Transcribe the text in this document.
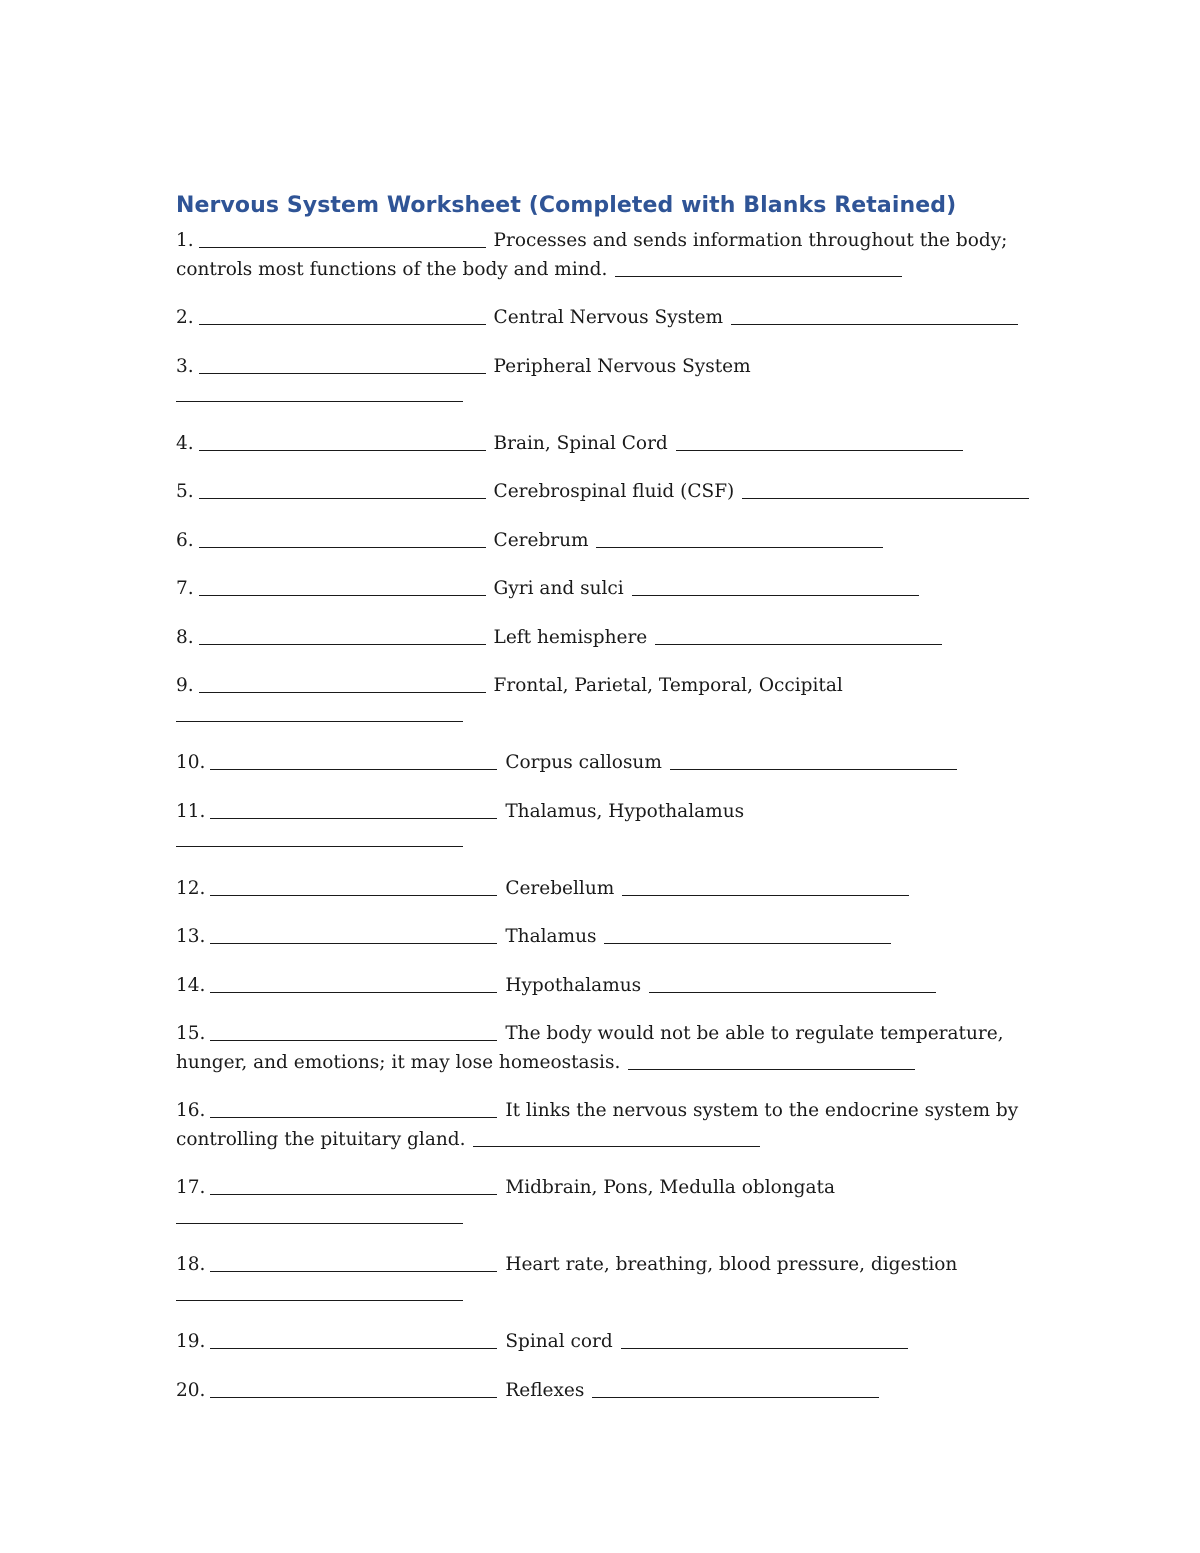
Nervous System Worksheet (Completed with Blanks Retained)
1.	Processes and sends information throughout the body; controls most functions of the body and mind.
2.	Central Nervous System
3.	Peripheral Nervous System
4.	Brain, Spinal Cord
5.	Cerebrospinal fluid (CSF)
6.	Cerebrum
7.	Gyri and sulci
8.	Left hemisphere
9.	Frontal, Parietal, Temporal, Occipital
10.	Corpus callosum
11.	Thalamus, Hypothalamus
12.	Cerebellum
13.	Thalamus
14.	Hypothalamus
15.	The body would not be able to regulate temperature, hunger, and emotions; it may lose homeostasis.
16.	It links the nervous system to the endocrine system by controlling the pituitary gland.
17.	Midbrain, Pons, Medulla oblongata
18.	Heart rate, breathing, blood pressure, digestion
19.	Spinal cord
20.	Reflexes
